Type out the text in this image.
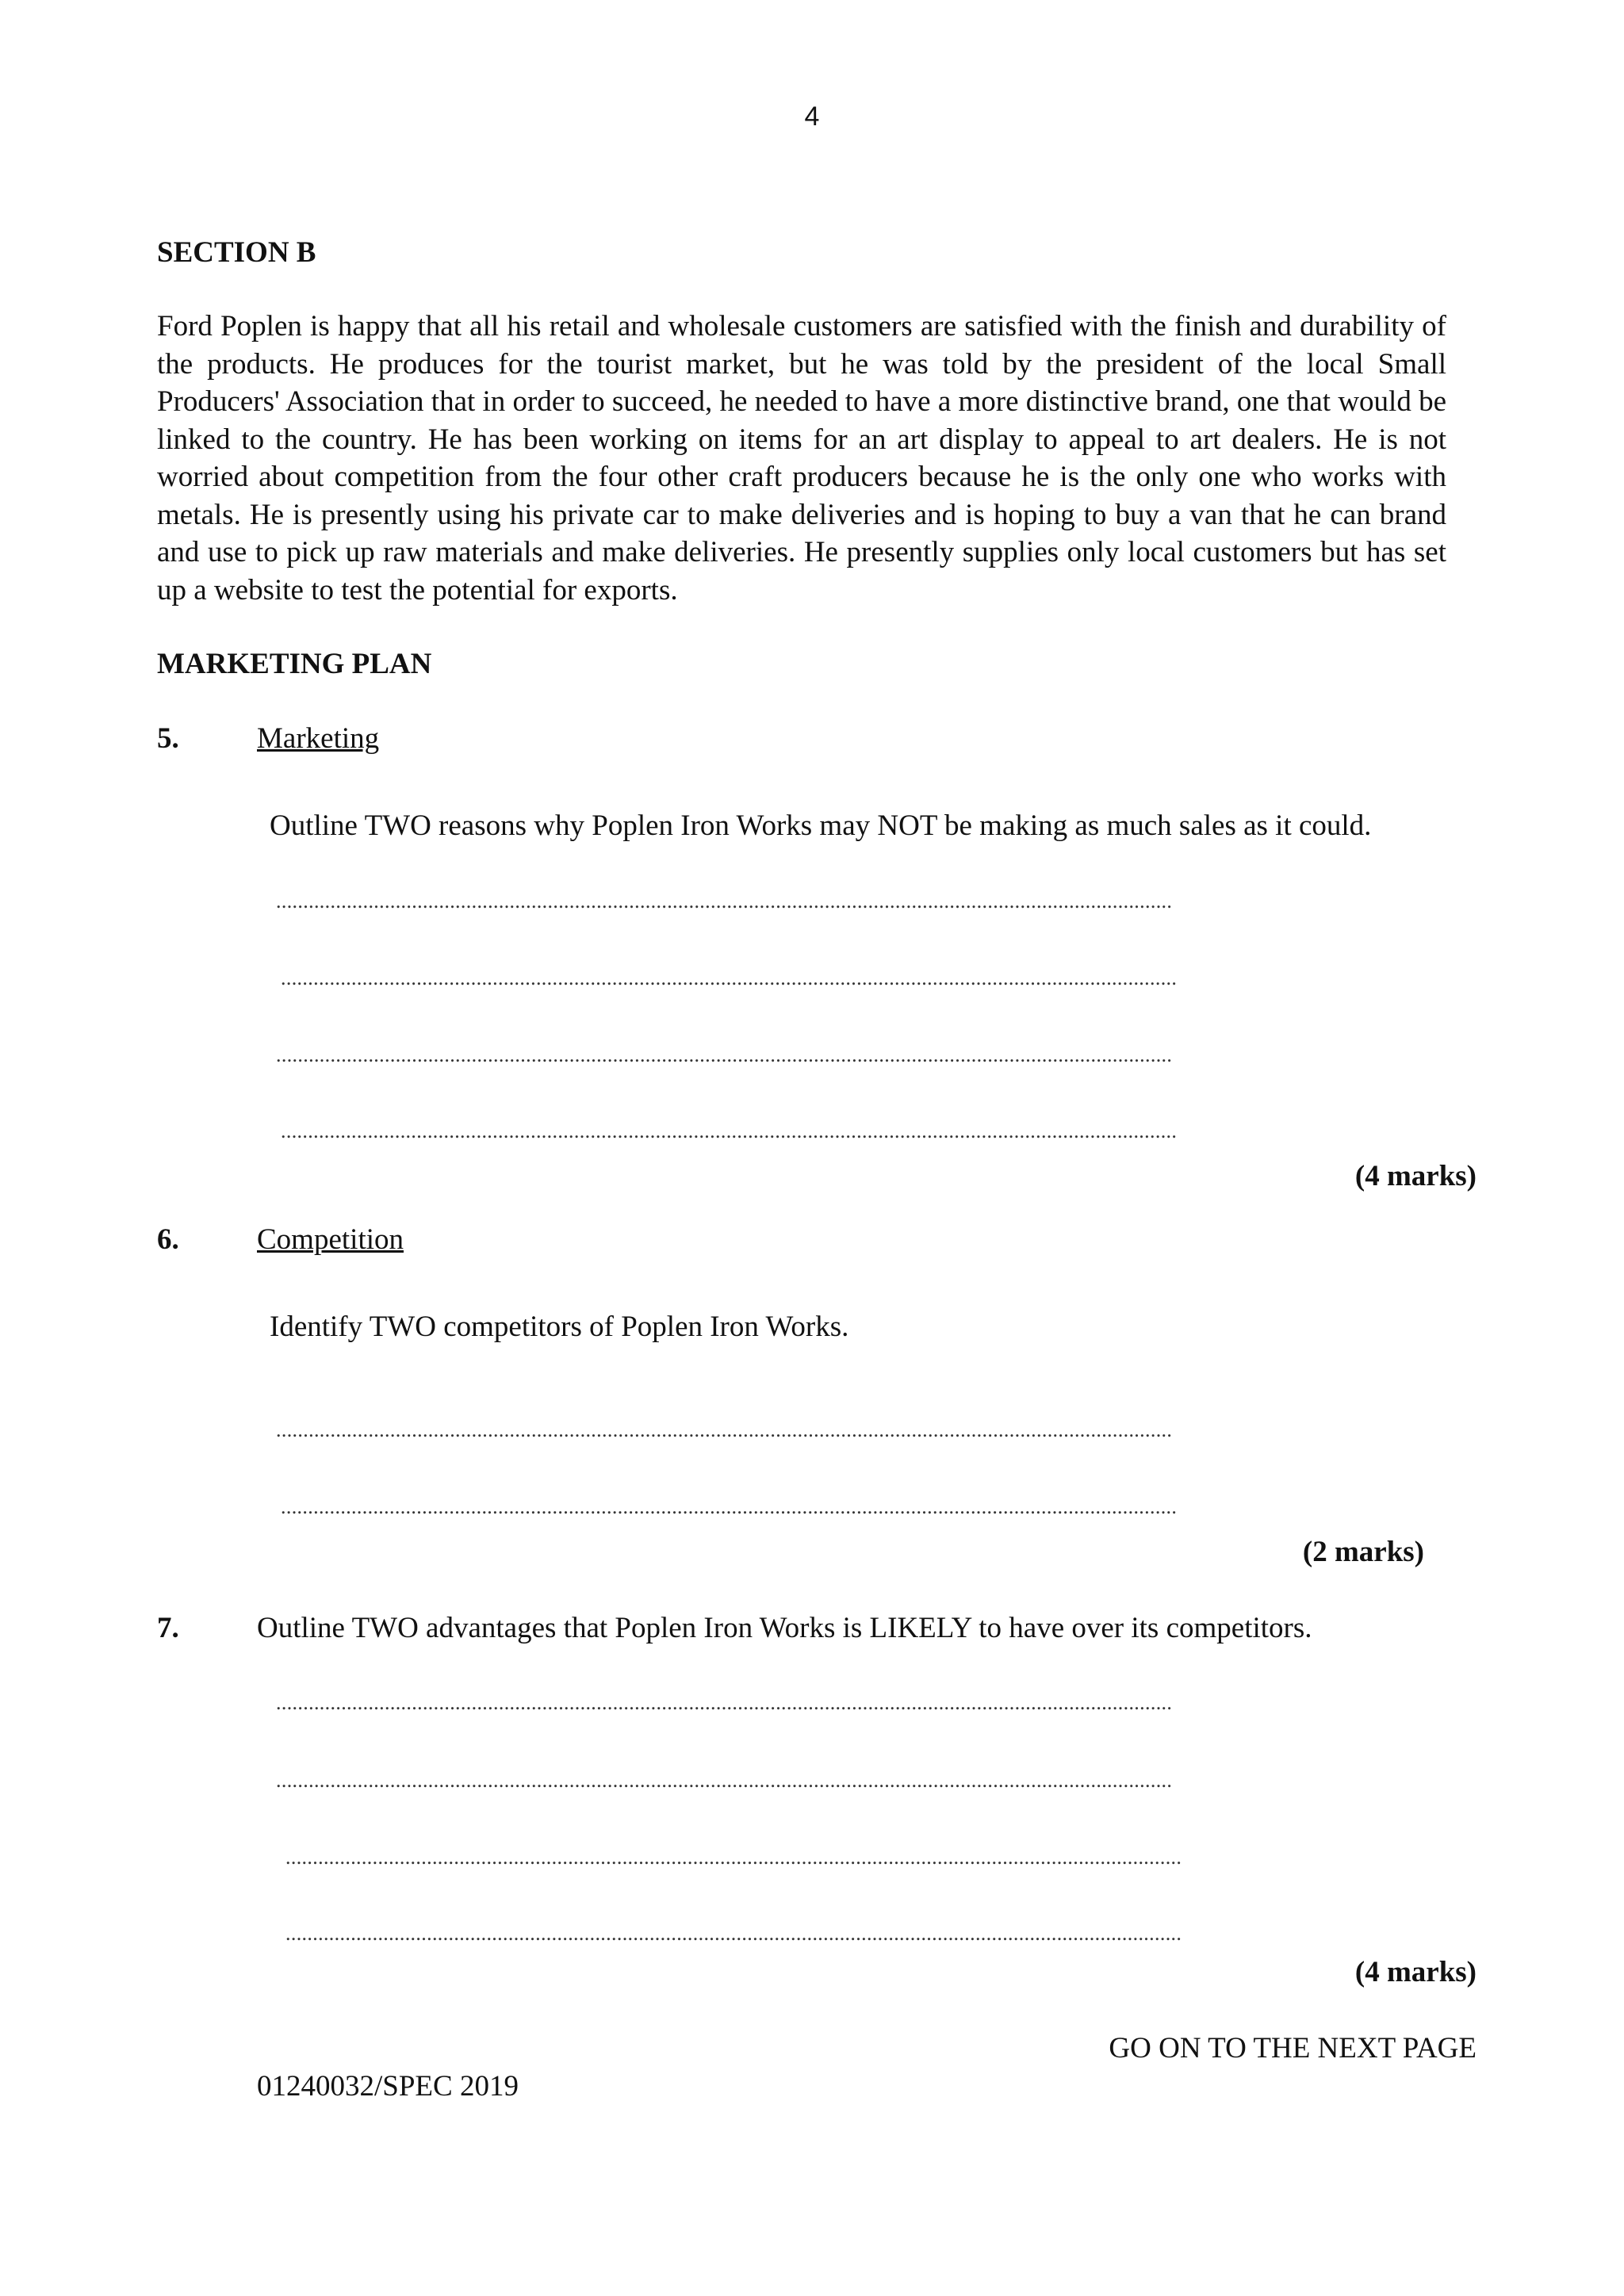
4
SECTION B

Ford Poplen is happy that all his retail and wholesale customers are satisfied with the finish and durability of the products. He produces for the tourist market, but he was told by the president of the local Small Producers' Association that in order to succeed, he needed to have a more distinctive brand, one that would be linked to the country. He has been working on items for an art display to appeal to art dealers. He is not worried about competition from the four other craft producers because he is the only one who works with metals. He is presently using his private car to make deliveries and is hoping to buy a van that he can brand and use to pick up raw materials and make deliveries. He presently supplies only local customers but has set up a website to test the potential for exports.

MARKETING PLAN
5.	Marketing
Outline TWO reasons why Poplen Iron Works may NOT be making as much sales as it could.
.....................................................................................................................................................................
.....................................................................................................................................................................
.....................................................................................................................................................................
.....................................................................................................................................................................
(4 marks)
6.	Competition
Identify TWO competitors of Poplen Iron Works.
.....................................................................................................................................................................
.....................................................................................................................................................................
(2 marks)
7.	Outline TWO advantages that Poplen Iron Works is LIKELY to have over its competitors.
.....................................................................................................................................................................
.....................................................................................................................................................................
.....................................................................................................................................................................
.....................................................................................................................................................................
(4 marks)
GO ON TO THE NEXT PAGE
01240032/SPEC 2019
